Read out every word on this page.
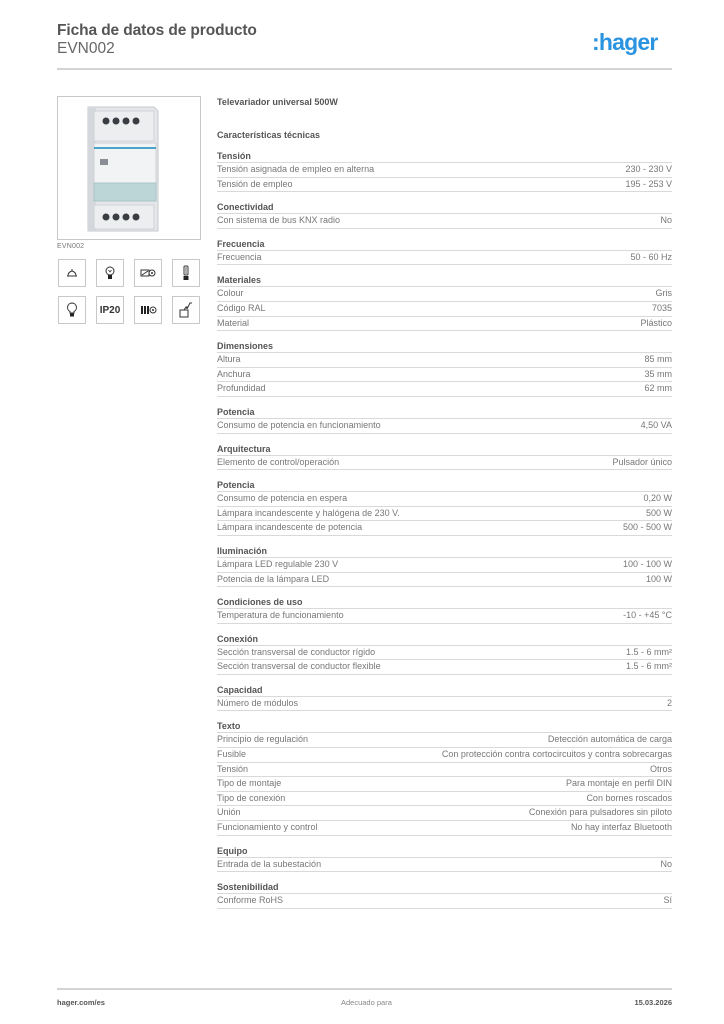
Ficha de datos de producto
EVN002	:hager
EVN002
IP20
Televariador universal 500W
Características técnicas
Tensión
Tensión asignada de empleo en alterna	230 - 230 V
Tensión de empleo	195 - 253 V
Conectividad
Con sistema de bus KNX radio	No
Frecuencia
Frecuencia	50 - 60 Hz
Materiales
Colour	Gris
Código RAL	7035
Material	Plástico
Dimensiones
Altura	85 mm
Anchura	35 mm
Profundidad	62 mm
Potencia
Consumo de potencia en funcionamiento	4,50 VA
Arquitectura
Elemento de control/operación	Pulsador único
Potencia
Consumo de potencia en espera	0,20 W
Lámpara incandescente y halógena de 230 V.	500 W
Lámpara incandescente de potencia	500 - 500 W
Iluminación
Lámpara LED regulable 230 V	100 - 100 W
Potencia de la lámpara LED	100 W
Condiciones de uso
Temperatura de funcionamiento	-10 - +45 °C
Conexión
Sección transversal de conductor rígido	1.5 - 6 mm²
Sección transversal de conductor flexible	1.5 - 6 mm²
Capacidad
Número de módulos	2
Texto
Principio de regulación	Detección automática de carga
Fusible	Con protección contra cortocircuitos y contra sobrecargas
Tensión	Otros
Tipo de montaje	Para montaje en perfil DIN
Tipo de conexión	Con bornes roscados
Unión	Conexión para pulsadores sin piloto
Funcionamiento y control	No hay interfaz Bluetooth
Equipo
Entrada de la subestación	No
Sostenibilidad
Conforme RoHS	Sí
hager.com/es	Adecuado para	15.03.2026
